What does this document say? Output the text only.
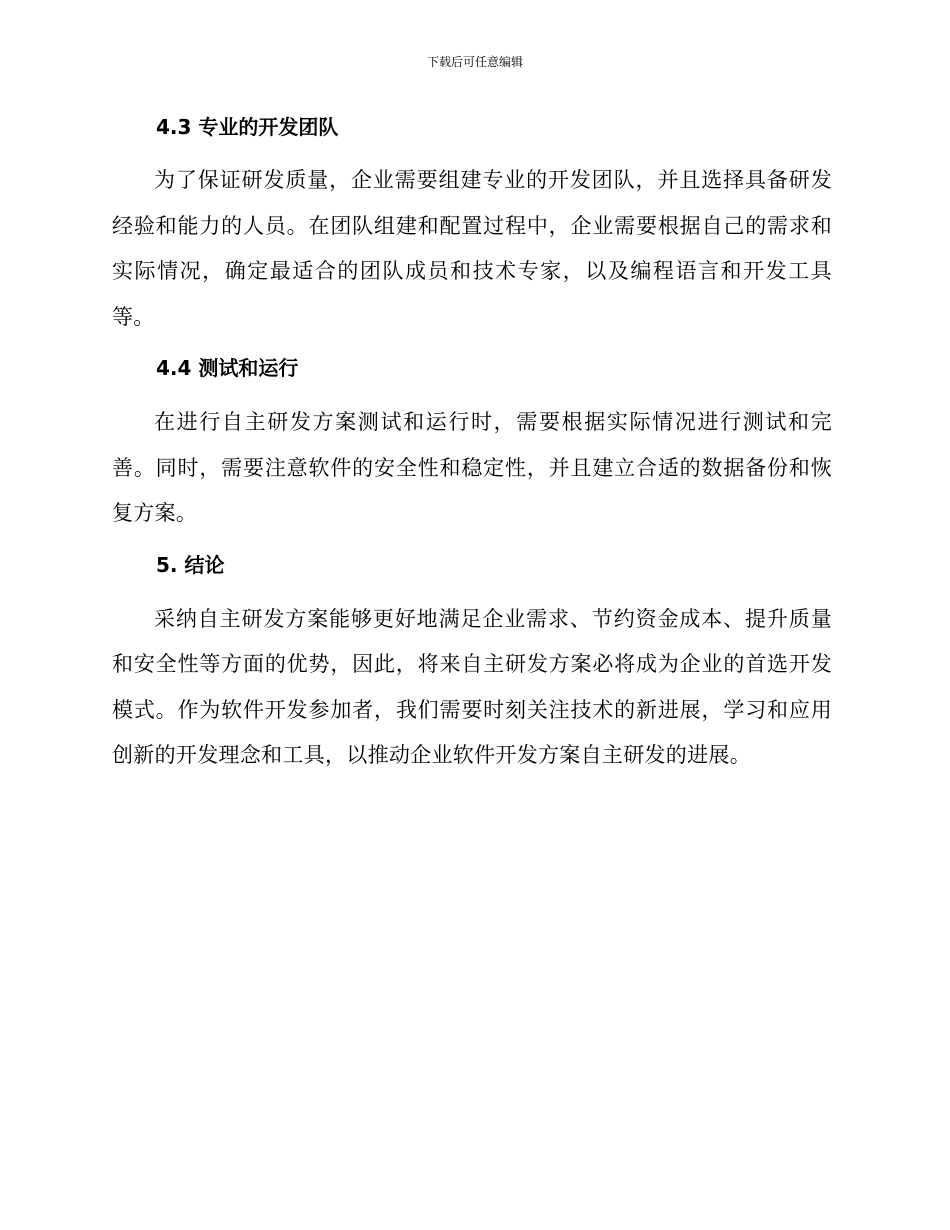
下载后可任意编辑
4.3 专业的开发团队

为了保证研发质量，企业需要组建专业的开发团队，并且选择具备研发经验和能力的人员。在团队组建和配置过程中，企业需要根据自己的需求和实际情况，确定最适合的团队成员和技术专家，以及编程语言和开发工具等。

4.4 测试和运行

在进行自主研发方案测试和运行时，需要根据实际情况进行测试和完善。同时，需要注意软件的安全性和稳定性，并且建立合适的数据备份和恢复方案。

5. 结论

采纳自主研发方案能够更好地满足企业需求、节约资金成本、提升质量和安全性等方面的优势，因此，将来自主研发方案必将成为企业的首选开发模式。作为软件开发参加者，我们需要时刻关注技术的新进展，学习和应用创新的开发理念和工具，以推动企业软件开发方案自主研发的进展。
